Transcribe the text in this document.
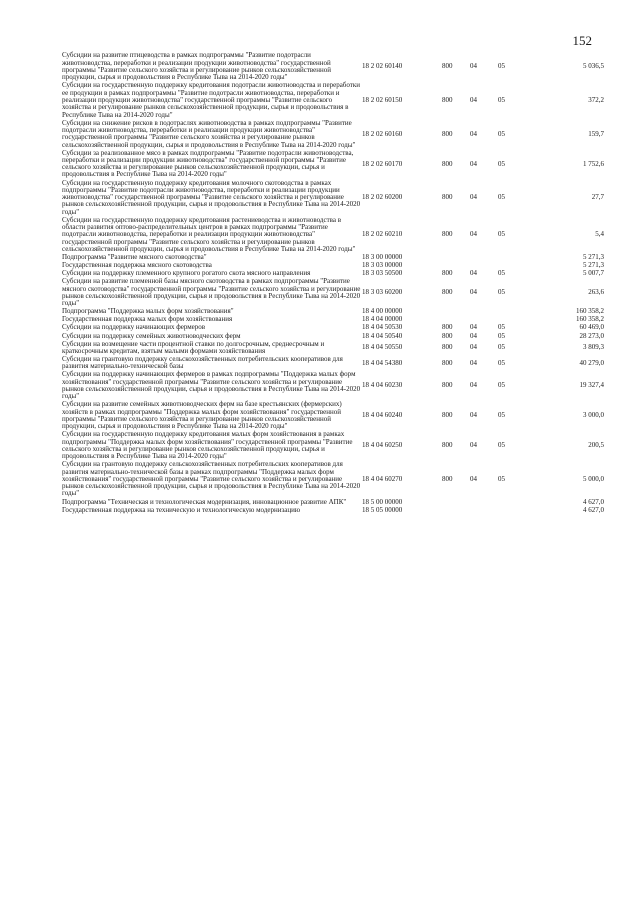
152
Субсидии на развитие птицеводства в рамках подпрограммы "Развитие подотрасли животноводства, переработки и реализации продукции животноводства" государственной программы "Развитие сельского хозяйства и регулирование рынков сельскохозяйственной продукции, сырья и продовольствия в Республике Тыва на 2014-2020 годы"	18 2 02 60140	800	04	05	5 036,5
Субсидии на государственную поддержку кредитования подотрасли животноводства и переработки ее продукции в рамках подпрограммы "Развитие подотрасли животноводства, переработки и реализации продукции животноводства" государственной программы "Развитие сельского хозяйства и регулирование рынков сельскохозяйственной продукции, сырья и продовольствия в Республике Тыва на 2014-2020 годы"	18 2 02 60150	800	04	05	372,2
Субсидии на снижение рисков в подотраслях животноводства в рамках подпрограммы "Развитие подотрасли животноводства, переработки и реализации продукции животноводства" государственной программы "Развитие сельского хозяйства и регулирование рынков сельскохозяйственной продукции, сырья и продовольствия в Республике Тыва на 2014-2020 годы"	18 2 02 60160	800	04	05	159,7
Субсидии за реализованное мясо в рамках подпрограммы "Развитие подотрасли животноводства, переработки и реализации продукции животноводства" государственной программы "Развитие сельского хозяйства и регулирование рынков сельскохозяйственной продукции, сырья и продовольствия в Республике Тыва на 2014-2020 годы"	18 2 02 60170	800	04	05	1 752,6
Субсидии на государственную поддержку кредитования молочного скотоводства в рамках подпрограммы "Развитие подотрасли животноводства, переработки и реализации продукции животноводства" государственной программы "Развитие сельского хозяйства и регулирование рынков сельскохозяйственной продукции, сырья и продовольствия в Республике Тыва на 2014-2020 годы"	18 2 02 60200	800	04	05	27,7
Субсидии на государственную поддержку кредитования растениеводства и животноводства в области развития оптово-распределительных центров в рамках подпрограммы "Развитие подотрасли животноводства, переработки и реализации продукции животноводства" государственной программы "Развитие сельского хозяйства и регулирование рынков сельскохозяйственной продукции, сырья и продовольствия в Республике Тыва на 2014-2020 годы"	18 2 02 60210	800	04	05	5,4
Подпрограмма "Развитие мясного скотоводства"	18 3 00 00000				5 271,3
Государственная поддержка мясного скотоводства	18 3 03 00000				5 271,3
Субсидии на поддержку племенного крупного рогатого скота мясного направления	18 3 03 50500	800	04	05	5 007,7
Субсидии на развитие племенной базы мясного скотоводства в рамках подпрограммы "Развитие мясного скотоводства" государственной программы "Развитие сельского хозяйства и регулирование рынков сельскохозяйственной продукции, сырья и продовольствия в Республике Тыва на 2014-2020 годы"	18 3 03 60200	800	04	05	263,6
Подпрограмма "Поддержка малых форм хозяйствования"	18 4 00 00000				160 358,2
Государственная поддержка малых форм хозяйствования	18 4 04 00000				160 358,2
Субсидии на поддержку начинающих фермеров	18 4 04 50530	800	04	05	60 469,0
Субсидии на поддержку семейных животноводческих ферм	18 4 04 50540	800	04	05	28 273,0
Субсидии на возмещение части процентной ставки по долгосрочным, среднесрочным и краткосрочным кредитам, взятым малыми формами хозяйствования	18 4 04 50550	800	04	05	3 809,3
Субсидии на грантовую поддержку сельскохозяйственных потребительских кооперативов для развития материально-технической базы	18 4 04 54380	800	04	05	40 279,0
Субсидии на поддержку начинающих фермеров в рамках подпрограммы "Поддержка малых форм хозяйствования" государственной программы "Развитие сельского хозяйства и регулирование рынков сельскохозяйственной продукции, сырья и продовольствия в Республике Тыва на 2014-2020 годы"	18 4 04 60230	800	04	05	19 327,4
Субсидии на развитие семейных животноводческих ферм на базе крестьянских (фермерских) хозяйств в рамках подпрограммы "Поддержка малых форм хозяйствования" государственной программы "Развитие сельского хозяйства и регулирование рынков сельскохозяйственной продукции, сырья и продовольствия в Республике Тыва на 2014-2020 годы"	18 4 04 60240	800	04	05	3 000,0
Субсидии на государственную поддержку кредитования малых форм хозяйствования в рамках подпрограммы "Поддержка малых форм хозяйствования" государственной программы "Развитие сельского хозяйства и регулирование рынков сельскохозяйственной продукции, сырья и продовольствия в Республике Тыва на 2014-2020 годы"	18 4 04 60250	800	04	05	200,5
Субсидии на грантовую поддержку сельскохозяйственных потребительских кооперативов для развития материально-технической базы в рамках подпрограммы "Поддержка малых форм хозяйствования" государственной программы "Развитие сельского хозяйства и регулирование рынков сельскохозяйственной продукции, сырья и продовольствия в Республике Тыва на 2014-2020 годы"	18 4 04 60270	800	04	05	5 000,0
Подпрограмма "Техническая и технологическая модернизация, инновационное развитие АПК"	18 5 00 00000				4 627,0
Государственная поддержка на техническую и технологическую модернизацию	18 5 05 00000				4 627,0
